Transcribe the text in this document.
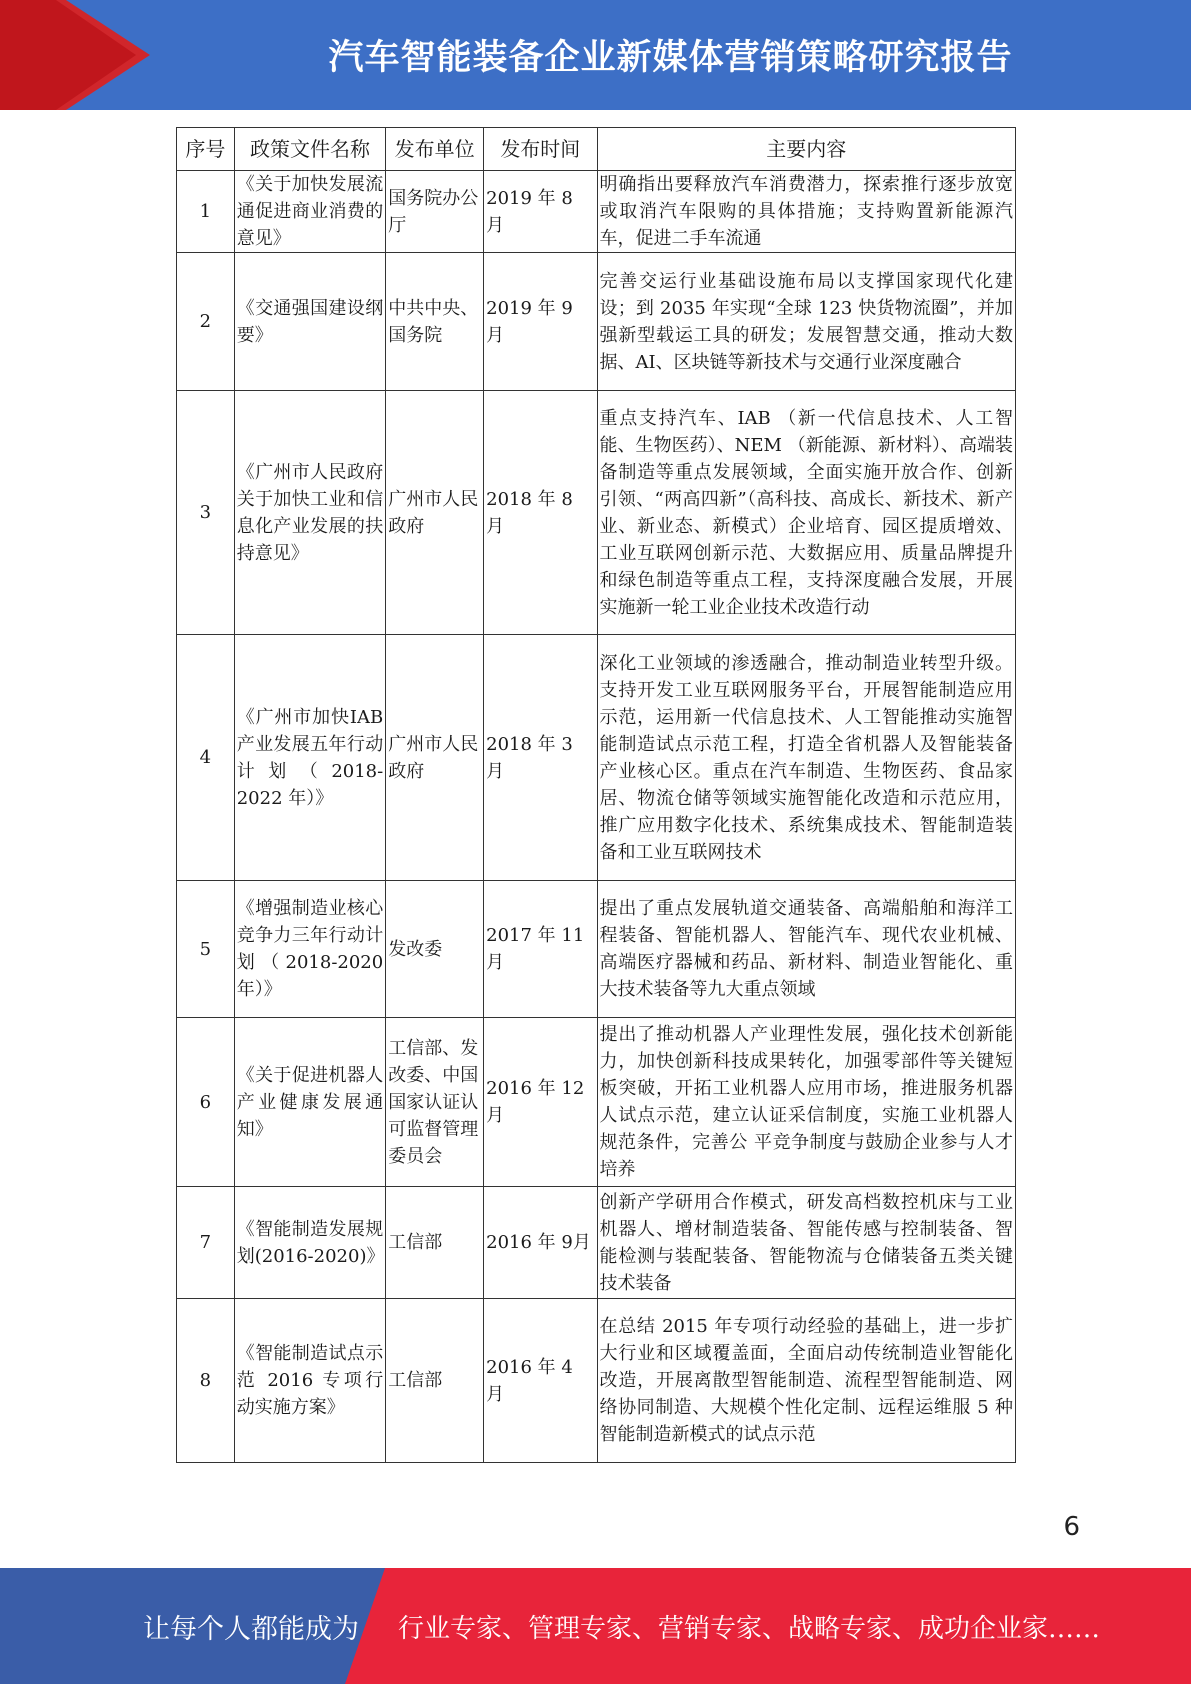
汽车智能装备企业新媒体营销策略研究报告
序号	政策文件名称	发布单位	发布时间	主要内容
1	《关于加快发展流通促进商业消费的意见》	国务院办公厅	2019 年 8 月	明确指出要释放汽车消费潜力，探索推行逐步放宽或取消汽车限购的具体措施；支持购置新能源汽车，促进二手车流通
2	《交通强国建设纲要》	中共中央、国务院	2019 年 9 月	完善交运行业基础设施布局以支撑国家现代化建设；到 2035 年实现“全球 123 快货物流圈”，并加强新型载运工具的研发；发展智慧交通，推动大数据、AI、区块链等新技术与交通行业深度融合
3	《广州市人民政府关于加快工业和信息化产业发展的扶持意见》	广州市人民政府	2018 年 8 月	重点支持汽车、IAB （新一代信息技术、人工智能、生物医药）、NEM （新能源、新材料）、高端装备制造等重点发展领域，全面实施开放合作、创新引领、“两高四新”（高科技、高成长、新技术、新产业、新业态、新模式）企业培育、园区提质增效、工业互联网创新示范、大数据应用、质量品牌提升和绿色制造等重点工程，支持深度融合发展，开展实施新一轮工业企业技术改造行动
4	《广州市加快IAB 产业发展五年行动计划（2018-2022 年）》	广州市人民政府	2018 年 3 月	深化工业领域的渗透融合，推动制造业转型升级。支持开发工业互联网服务平台，开展智能制造应用示范，运用新一代信息技术、人工智能推动实施智能制造试点示范工程，打造全省机器人及智能装备产业核心区。重点在汽车制造、生物医药、食品家居、物流仓储等领域实施智能化改造和示范应用，推广应用数字化技术、系统集成技术、智能制造装备和工业互联网技术
5	《增强制造业核心竞争力三年行动计划（2018-2020 年）》	发改委	2017 年 11 月	提出了重点发展轨道交通装备、高端船舶和海洋工程装备、智能机器人、智能汽车、现代农业机械、高端医疗器械和药品、新材料、制造业智能化、重大技术装备等九大重点领域
6	《关于促进机器人产业健康发展通知》	工信部、发改委、中国国家认证认可监督管理委员会	2016 年 12 月	提出了推动机器人产业理性发展，强化技术创新能力，加快创新科技成果转化，加强零部件等关键短板突破，开拓工业机器人应用市场，推进服务机器人试点示范，建立认证采信制度，实施工业机器人规范条件，完善公 平竞争制度与鼓励企业参与人才培养
7	《智能制造发展规划(2016-2020)》	工信部	2016 年 9月	创新产学研用合作模式，研发高档数控机床与工业机器人、增材制造装备、智能传感与控制装备、智能检测与装配装备、智能物流与仓储装备五类关键技术装备
8	《智能制造试点示范 2016 专项行动实施方案》	工信部	2016 年 4 月	在总结 2015 年专项行动经验的基础上，进一步扩大行业和区域覆盖面，全面启动传统制造业智能化改造，开展离散型智能制造、流程型智能制造、网络协同制造、大规模个性化定制、远程运维服 5 种智能制造新模式的试点示范
6
让每个人都能成为 行业专家、管理专家、营销专家、战略专家、成功企业家……
